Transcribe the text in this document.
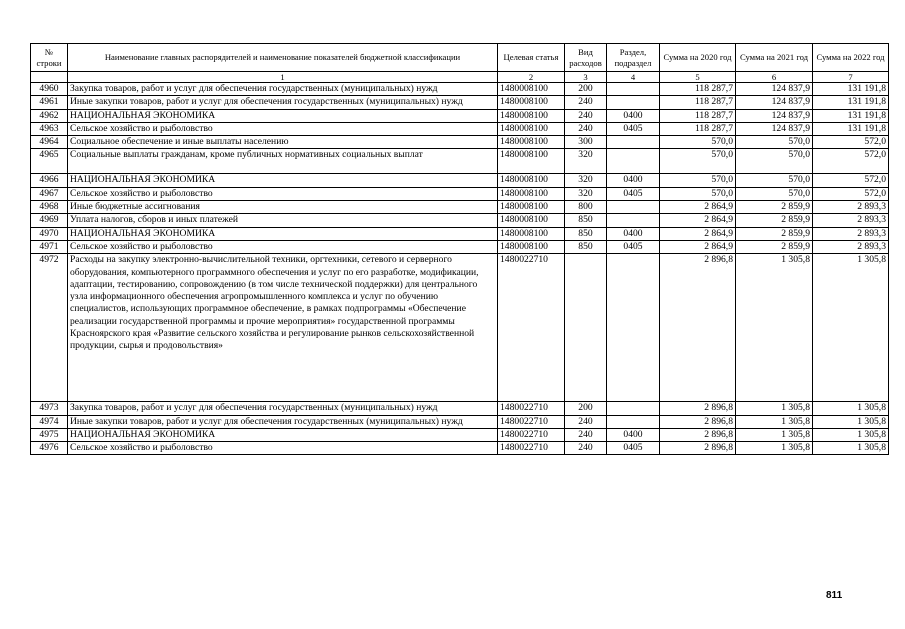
№ строки	Наименование главных распорядителей и наименование показателей бюджетной классификации	Целевая статья	Вид расходов	Раздел, подраздел	Сумма на 2020 год	Сумма на 2021 год	Сумма на 2022 год
	1	2	3	4	5	6	7
4960	Закупка товаров, работ и услуг для обеспечения государственных (муниципальных) нужд	1480008100	200		118 287,7	124 837,9	131 191,8
4961	Иные закупки товаров, работ и услуг для обеспечения государственных (муниципальных) нужд	1480008100	240		118 287,7	124 837,9	131 191,8
4962	НАЦИОНАЛЬНАЯ ЭКОНОМИКА	1480008100	240	0400	118 287,7	124 837,9	131 191,8
4963	Сельское хозяйство и рыболовство	1480008100	240	0405	118 287,7	124 837,9	131 191,8
4964	Социальное обеспечение и иные выплаты населению	1480008100	300		570,0	570,0	572,0
4965	Социальные выплаты гражданам, кроме публичных нормативных социальных выплат	1480008100	320		570,0	570,0	572,0
4966	НАЦИОНАЛЬНАЯ ЭКОНОМИКА	1480008100	320	0400	570,0	570,0	572,0
4967	Сельское хозяйство и рыболовство	1480008100	320	0405	570,0	570,0	572,0
4968	Иные бюджетные ассигнования	1480008100	800		2 864,9	2 859,9	2 893,3
4969	Уплата налогов, сборов и иных платежей	1480008100	850		2 864,9	2 859,9	2 893,3
4970	НАЦИОНАЛЬНАЯ ЭКОНОМИКА	1480008100	850	0400	2 864,9	2 859,9	2 893,3
4971	Сельское хозяйство и рыболовство	1480008100	850	0405	2 864,9	2 859,9	2 893,3
4972	Расходы на закупку электронно-вычислительной техники, оргтехники, сетевого и серверного оборудования, компьютерного программного обеспечения и услуг по его разработке, модификации, адаптации, тестированию, сопровождению (в том числе технической поддержки) для центрального узла информационного обеспечения агропромышленного комплекса и услуг по обучению специалистов, использующих программное обеспечение, в рамках подпрограммы «Обеспечение реализации государственной программы и прочие мероприятия» государственной программы Красноярского края «Развитие сельского хозяйства и регулирование рынков сельскохозяйственной продукции, сырья и продовольствия»	1480022710			2 896,8	1 305,8	1 305,8
4973	Закупка товаров, работ и услуг для обеспечения государственных (муниципальных) нужд	1480022710	200		2 896,8	1 305,8	1 305,8
4974	Иные закупки товаров, работ и услуг для обеспечения государственных (муниципальных) нужд	1480022710	240		2 896,8	1 305,8	1 305,8
4975	НАЦИОНАЛЬНАЯ ЭКОНОМИКА	1480022710	240	0400	2 896,8	1 305,8	1 305,8
4976	Сельское хозяйство и рыболовство	1480022710	240	0405	2 896,8	1 305,8	1 305,8
811
